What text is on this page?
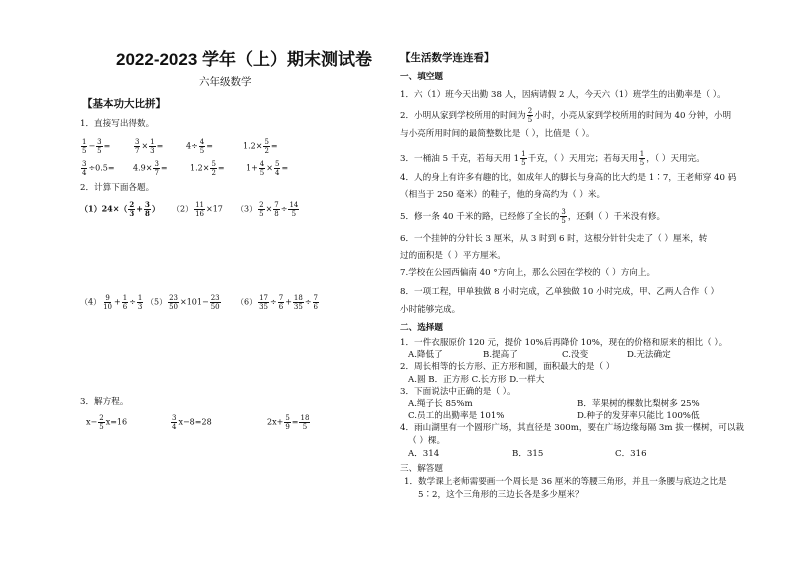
2022-2023 学年（上）期末测试卷
六年级数学
【基本功大比拼】
1．直接写出得数。
$\frac{1}{5} - \frac{3}{5}$ =	$\frac{3}{7} \times \frac{1}{3}$ =	$4\div \frac{4}{5}$ =	$1.2\times \frac{5}{2}$ =
$\frac{3}{4} \div 0.5= 4.9\times \frac{3}{7}$ =	$1.2\times \frac{5}{2}$ =	$1+ \frac{4}{5} \times \frac{5}{4}$ =
2．计算下面各题。
$(1)24\times( \frac{2}{3} + \frac{3}{8}$ ） $(2) \frac{11}{16} \times 17$ $(3) \frac{2}{5} \times \frac{7}{8} \div \frac{14}{5}$
$(4) \frac{9}{10} + \frac{1}{6} \div \frac{1}{3} (5) \frac{23}{50} \times 101- \frac{23}{50} (6) \frac{17}{35} \div \frac{7}{6} + \frac{18}{35} \div \frac{7}{6}$
3．解方程。
$x- \frac{2}{5} x=16$	$\frac{3}{4} x-8=28$	$2x+ \frac{5}{9} = \frac{18}{5}$
【生活数学连连看】
一、填空题
1．六（1）班今天出勤 38 人，因病请假 2 人，今天六（1）班学生的出勤率是（ ）。
2．小明从家到学校所用的时间为 $\frac{2}{5}$ 小时，小亮从家到学校所用的时间为 40 分钟，小明
与小亮所用时间的最简整数比是（ ），比值是（ ）。
3．一桶油 5 千克，若每天用 $1 \frac{1}{5}$ 千克，（ ）天用完；若每天用 $\frac{1}{5}$ ，（ ）天用完。
4．人的身上有许多有趣的比，如成年人的脚长与身高的比大约是 1∶7，王老师穿 40 码
（相当于 250 毫米）的鞋子，他的身高约为（ ）米。
5．修一条 40 千米的路，已经修了全长的 $\frac{3}{5}$ ，还剩（ ）千米没有修。
6．一个挂钟的分针长 3 厘米，从 3 时到 6 时，这根分针针尖走了（ ）厘米，转
过的面积是（ ）平方厘米。
7.学校在公园西偏南 40 °方向上，那么公园在学校的（ ）方向上。
8．一项工程，甲单独做 8 小时完成，乙单独做 10 小时完成，甲、乙两人合作（ ）
小时能够完成。
二、选择题
1．一件衣服原价 120 元，提价 10%后再降价 10%，现在的价格和原来的相比（ ）。
A.降低了	B.提高了	C.没变	D.无法确定
2．周长相等的长方形、正方形和圆，面积最大的是（ ）
A.圆 B．正方形 C.长方形 D.一样大
3．下面说法中正确的是（ ）。
A.绳子长 85%m	B．苹果树的棵数比梨树多 25%
C.员工的出勤率是 101%	D.种子的发芽率只能比 100%低
4．雨山湖里有一个圆形广场，其直径是 300m，要在广场边缘每隔 3m 拔一棵树，可以栽
（ ）棵。
A．314	B．315	C．316
三、解答题
1．数学课上老师需要画一个周长是 36 厘米的等腰三角形，并且一条腰与底边之比是
5∶2，这个三角形的三边长各是多少厘米？
